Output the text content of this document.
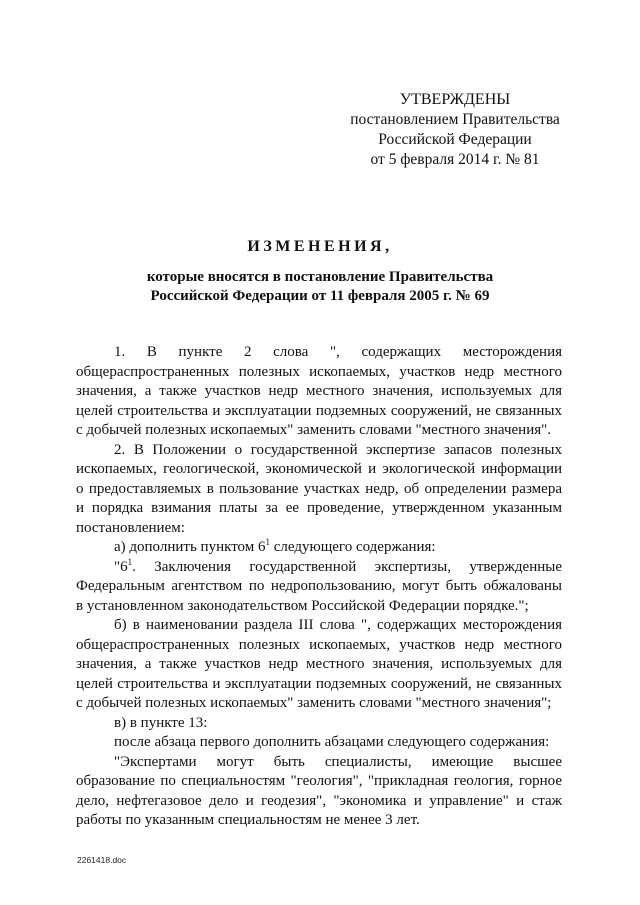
УТВЕРЖДЕНЫ
постановлением Правительства
Российской Федерации
от 5 февраля 2014 г. № 81
ИЗМЕНЕНИЯ,
которые вносятся в постановление Правительства
Российской Федерации от 11 февраля 2005 г. № 69
1. В пункте 2 слова ", содержащих месторождения
общераспространенных полезных ископаемых, участков недр местного
значения, а также участков недр местного значения, используемых для
целей строительства и эксплуатации подземных сооружений, не связанных
с добычей полезных ископаемых" заменить словами "местного значения".
2. В Положении о государственной экспертизе запасов полезных
ископаемых, геологической, экономической и экологической информации
о предоставляемых в пользование участках недр, об определении размера
и порядка взимания платы за ее проведение, утвержденном указанным
постановлением:
а) дополнить пунктом $6^1$ следующего содержания:
"$6^1$. Заключения государственной экспертизы, утвержденные
Федеральным агентством по недропользованию, могут быть обжалованы
в установленном законодательством Российской Федерации порядке.";
б) в наименовании раздела III слова ", содержащих месторождения
общераспространенных полезных ископаемых, участков недр местного
значения, а также участков недр местного значения, используемых для
целей строительства и эксплуатации подземных сооружений, не связанных
с добычей полезных ископаемых" заменить словами "местного значения";
в) в пункте 13:
после абзаца первого дополнить абзацами следующего содержания:
"Экспертами могут быть специалисты, имеющие высшее
образование по специальностям "геология", "прикладная геология, горное
дело, нефтегазовое дело и геодезия", "экономика и управление" и стаж
работы по указанным специальностям не менее 3 лет.
2261418.doc
